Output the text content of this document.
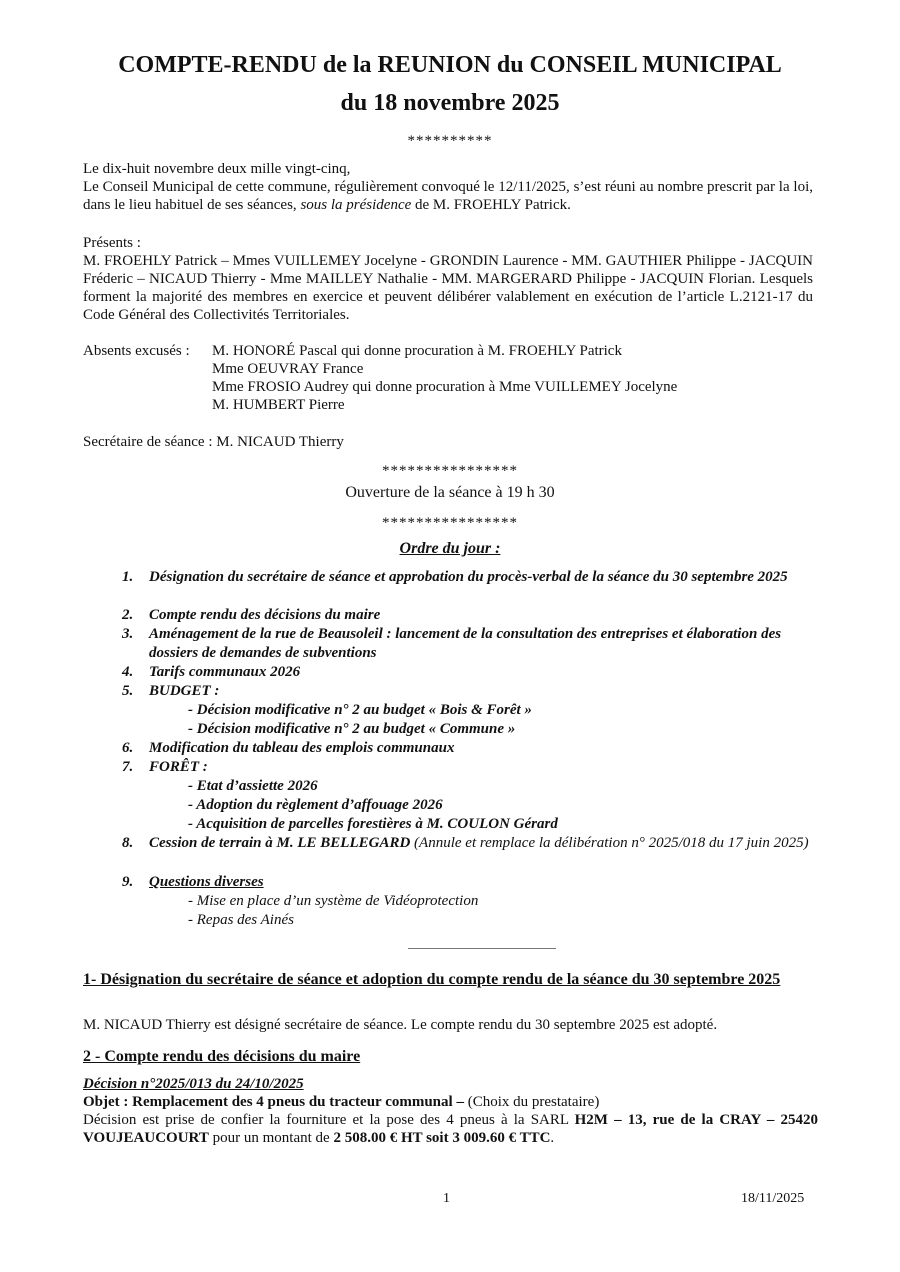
COMPTE-RENDU de la REUNION du CONSEIL MUNICIPAL
du 18 novembre 2025
**********
Le dix-huit novembre deux mille vingt-cinq,
Le Conseil Municipal de cette commune, régulièrement convoqué le 12/11/2025, s’est réuni au nombre prescrit par la loi, dans le lieu habituel de ses séances, sous la présidence de M. FROEHLY Patrick.
Présents :
M. FROEHLY Patrick – Mmes VUILLEMEY Jocelyne - GRONDIN Laurence - MM. GAUTHIER Philippe - JACQUIN Fréderic – NICAUD Thierry - Mme MAILLEY Nathalie - MM. MARGERARD Philippe - JACQUIN Florian. Lesquels forment la majorité des membres en exercice et peuvent délibérer valablement en exécution de l’article L.2121-17 du Code Général des Collectivités Territoriales.
Absents excusés : M. HONORÉ Pascal qui donne procuration à M. FROEHLY Patrick
Mme OEUVRAY France
Mme FROSIO Audrey qui donne procuration à Mme VUILLEMEY Jocelyne
M. HUMBERT Pierre
Secrétaire de séance : M. NICAUD Thierry
****************
Ouverture de la séance à 19 h 30
****************
Ordre du jour :
1.	Désignation du secrétaire de séance et approbation du procès-verbal de la séance du 30 septembre 2025
2.	Compte rendu des décisions du maire
3.	Aménagement de la rue de Beausoleil : lancement de la consultation des entreprises et élaboration des dossiers de demandes de subventions
4.	Tarifs communaux 2026
5.	BUDGET :
- Décision modificative n° 2 au budget « Bois & Forêt »
- Décision modificative n° 2 au budget « Commune »
6.	Modification du tableau des emplois communaux
7.	FORÊT :
- Etat d’assiette 2026
- Adoption du règlement d’affouage 2026
- Acquisition de parcelles forestières à M. COULON Gérard
8.	Cession de terrain à M. LE BELLEGARD (Annule et remplace la délibération n° 2025/018 du 17 juin 2025)
9.	Questions diverses
- Mise en place d’un système de Vidéoprotection
- Repas des Ainés
1- Désignation du secrétaire de séance et adoption du compte rendu de la séance du 30 septembre 2025
M. NICAUD Thierry est désigné secrétaire de séance. Le compte rendu du 30 septembre 2025 est adopté.
2 - Compte rendu des décisions du maire
Décision n°2025/013 du 24/10/2025
Objet : Remplacement des 4 pneus du tracteur communal – (Choix du prestataire)
Décision est prise de confier la fourniture et la pose des 4 pneus à la SARL H2M – 13, rue de la CRAY – 25420 VOUJEAUCOURT pour un montant de 2 508.00 € HT soit 3 009.60 € TTC.
1	18/11/2025
